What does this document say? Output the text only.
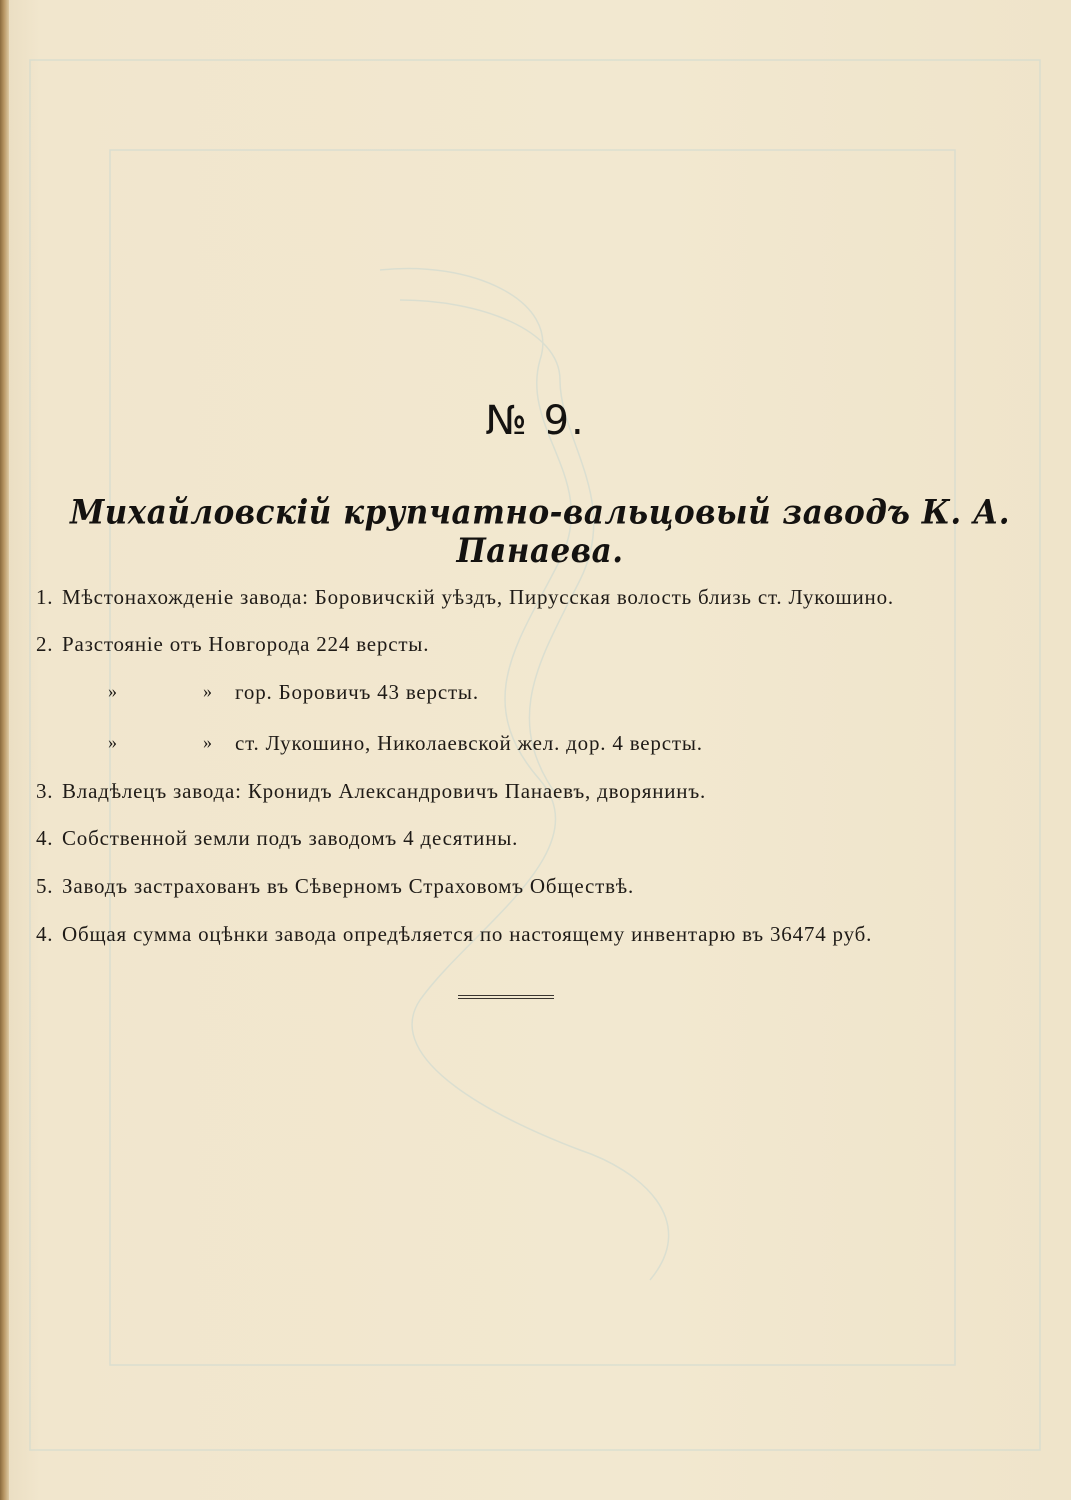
№ 9.
Михайловскій крупчатно-вальцовый заводъ К. А. Панаева.
1. Мѣстонахожденіе завода: Боровичскій уѣздъ, Пирусская волость близь ст. Лукошино.
2. Разстояніе отъ Новгорода 224 версты.
»	» гор. Боровичъ 43 версты.
»	» ст. Лукошино, Николаевской жел. дор. 4 версты.
3. Владѣлецъ завода: Кронидъ Александровичъ Панаевъ, дворянинъ.
4. Собственной земли подъ заводомъ 4 десятины.
5. Заводъ застрахованъ въ Сѣверномъ Страховомъ Обществѣ.
4. Общая сумма оцѣнки завода опредѣляется по настоящему инвентарю въ 36474 руб.
